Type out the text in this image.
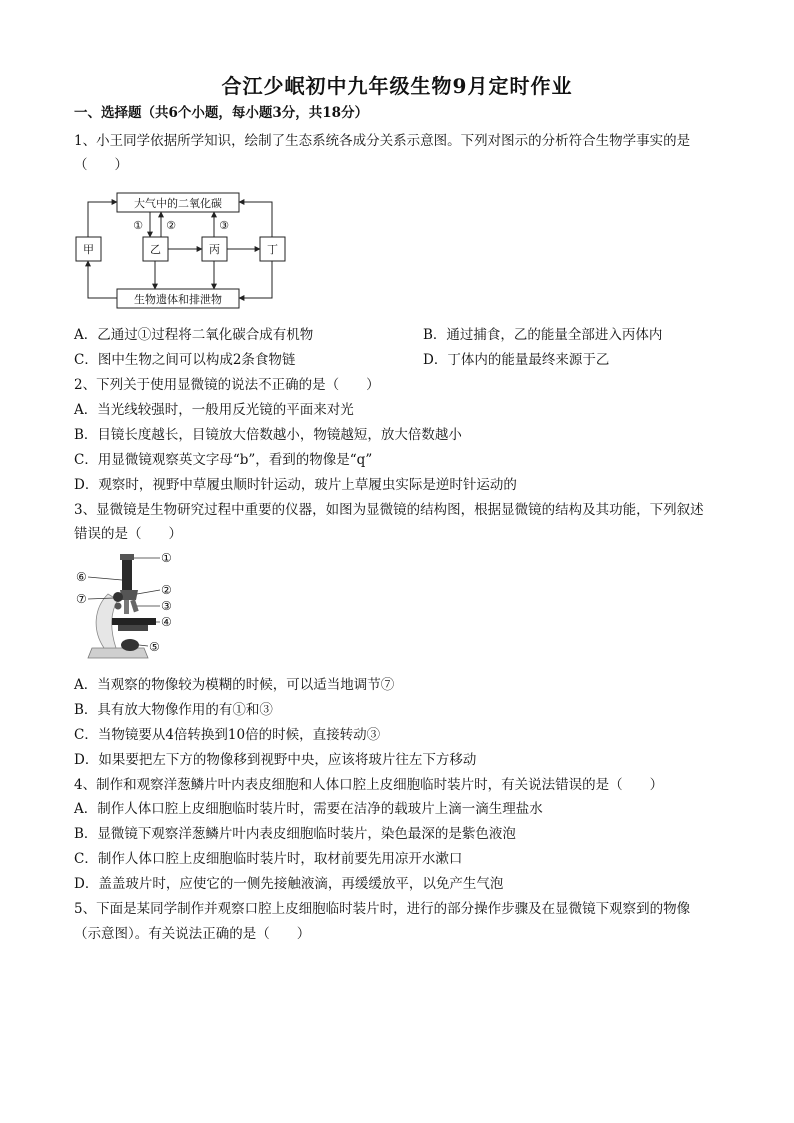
合江少岷初中九年级生物9月定时作业
一、选择题（共6个小题，每小题3分，共18分）
1、小王同学依据所学知识，绘制了生态系统各成分关系示意图。下列对图示的分析符合生物学事实的是
（　　）
大气中的二氧化碳
生物遗体和排泄物
甲	乙	丙	丁
① ②	③
A．乙通过①过程将二氧化碳合成有机物	B．通过捕食，乙的能量全部进入丙体内
C．图中生物之间可以构成2条食物链	D．丁体内的能量最终来源于乙
2、下列关于使用显微镜的说法不正确的是（　　）
A．当光线较强时，一般用反光镜的平面来对光
B．目镜长度越长，目镜放大倍数越小，物镜越短，放大倍数越小
C．用显微镜观察英文字母“b”，看到的物像是“q”
D．观察时，视野中草履虫顺时针运动，玻片上草履虫实际是逆时针运动的
3、显微镜是生物研究过程中重要的仪器，如图为显微镜的结构图，根据显微镜的结构及其功能，下列叙述
错误的是（　　）
①
②
③
④
⑤
⑥
⑦
A．当观察的物像较为模糊的时候，可以适当地调节⑦
B．具有放大物像作用的有①和③
C．当物镜要从4倍转换到10倍的时候，直接转动③
D．如果要把左下方的物像移到视野中央，应该将玻片往左下方移动
4、制作和观察洋葱鳞片叶内表皮细胞和人体口腔上皮细胞临时装片时，有关说法错误的是（　　）
A．制作人体口腔上皮细胞临时装片时，需要在洁净的载玻片上滴一滴生理盐水
B．显微镜下观察洋葱鳞片叶内表皮细胞临时装片，染色最深的是紫色液泡
C．制作人体口腔上皮细胞临时装片时，取材前要先用凉开水漱口
D．盖盖玻片时，应使它的一侧先接触液滴，再缓缓放平，以免产生气泡
5、下面是某同学制作并观察口腔上皮细胞临时装片时，进行的部分操作步骤及在显微镜下观察到的物像
（示意图）。有关说法正确的是（　　）
